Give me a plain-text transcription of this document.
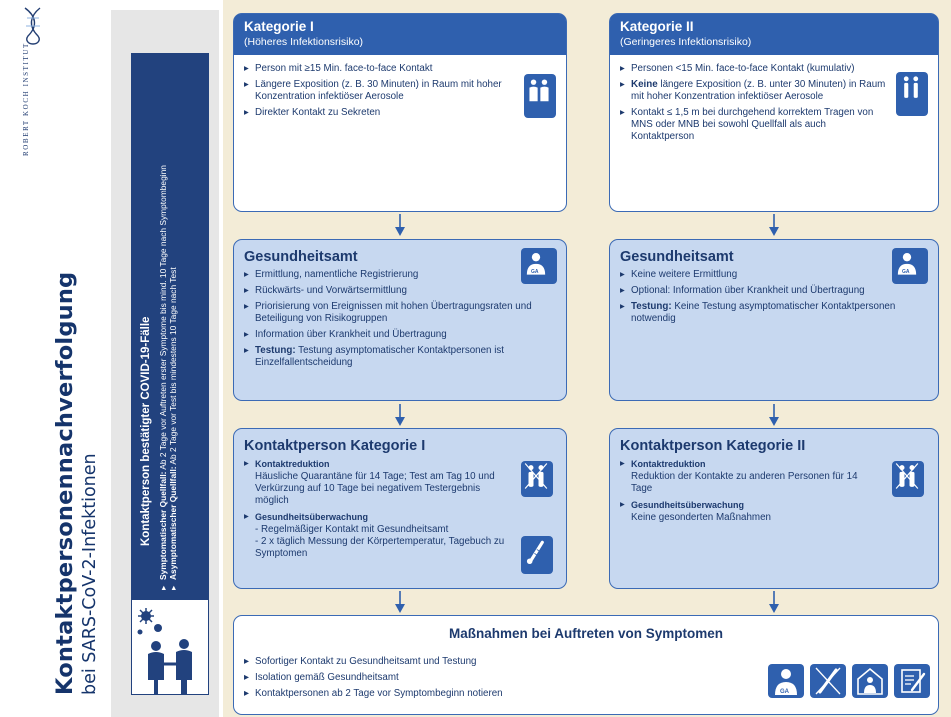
ROBERT KOCH INSTITUT
Kontaktpersonennachverfolgung bei SARS-CoV-2-Infektionen
Kontaktperson bestätigter COVID-19-Fälle
▸
Symptomatischer Quellfall: Ab 2 Tage vor Auftreten erster Symptome bis mind. 10 Tage nach Symptombeginn
▸
Asymptomatischer Quellfall: Ab 2 Tage vor Test bis mindestens 10 Tage nach Test
Kategorie I
(Höheres Infektionsrisiko)
▸ Person mit ≥15 Min. face-to-face Kontakt
▸ Längere Exposition (z. B. 30 Minuten) in Raum mit hoher Konzentration infektiöser Aerosole
▸ Direkter Kontakt zu Sekreten
Kategorie II
(Geringeres Infektionsrisiko)
▸ Personen <15 Min. face-to-face Kontakt (kumulativ)
▸ Keine längere Exposition (z. B. unter 30 Minuten) in Raum mit hoher Konzentration infektiöser Aerosole
▸ Kontakt ≤ 1,5 m bei durchgehend korrektem Tragen von MNS oder MNB bei sowohl Quellfall als auch Kontaktperson
Gesundheitsamt
▸ Ermittlung, namentliche Registrierung
▸ Rückwärts- und Vorwärtsermittlung
▸ Priorisierung von Ereignissen mit hohen Übertragungsraten und Beteiligung von Risikogruppen
▸ Information über Krankheit und Übertragung
▸ Testung: Testung asymptomatischer Kontaktpersonen ist Einzelfallentscheidung
GA
Gesundheitsamt
▸ Keine weitere Ermittlung
▸ Optional: Information über Krankheit und Übertragung
▸ Testung: Keine Testung asymptomatischer Kontaktpersonen notwendig
GA
Kontaktperson Kategorie I
▸ Kontaktreduktion
Häusliche Quarantäne für 14 Tage; Test am Tag 10 und Verkürzung auf 10 Tage bei negativem Testergebnis möglich
▸ Gesundheitsüberwachung
- Regelmäßiger Kontakt mit Gesundheitsamt
- 2 x täglich Messung der Körpertemperatur, Tagebuch zu Symptomen
Kontaktperson Kategorie II
▸ Kontaktreduktion
Reduktion der Kontakte zu anderen Personen für 14 Tage
▸ Gesundheitsüberwachung
Keine gesonderten Maßnahmen
Maßnahmen bei Auftreten von Symptomen
▸ Sofortiger Kontakt zu Gesundheitsamt und Testung
▸ Isolation gemäß Gesundheitsamt
▸ Kontaktpersonen ab 2 Tage vor Symptombeginn notieren	GA
